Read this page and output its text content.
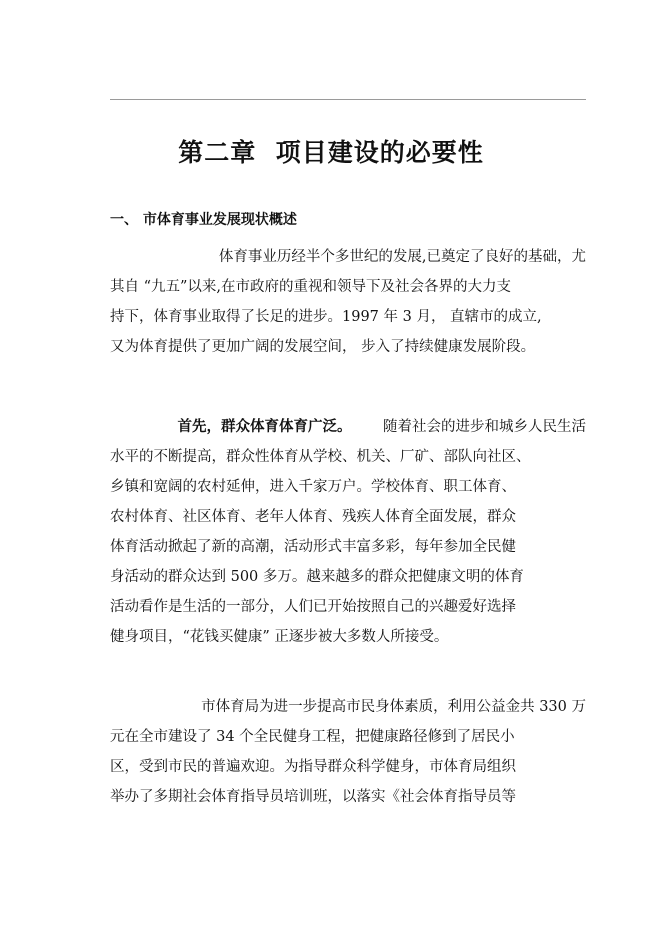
第二章  项目建设的必要性
一、 市体育事业发展现状概述
体育事业历经半个多世纪的发展,已奠定了良好的基础，尤
其自 “九五”以来,在市政府的重视和领导下及社会各界的大力支
持下，体育事业取得了长足的进步。1997 年 3 月， 直辖市的成立,
又为体育提供了更加广阔的发展空间， 步入了持续健康发展阶段。
首先，群众体育体育广泛。 随着社会的进步和城乡人民生活
水平的不断提高，群众性体育从学校、机关、厂矿、部队向社区、
乡镇和宽阔的农村延伸，进入千家万户。学校体育、职工体育、
农村体育、社区体育、老年人体育、残疾人体育全面发展，群众
体育活动掀起了新的高潮，活动形式丰富多彩，每年参加全民健
身活动的群众达到 500 多万。越来越多的群众把健康文明的体育
活动看作是生活的一部分，人们已开始按照自己的兴趣爱好选择
健身项目，“花钱买健康” 正逐步被大多数人所接受。
市体育局为进一步提高市民身体素质，利用公益金共 330 万
元在全市建设了 34 个全民健身工程，把健康路径修到了居民小
区，受到市民的普遍欢迎。为指导群众科学健身，市体育局组织
举办了多期社会体育指导员培训班，以落实《社会体育指导员等
